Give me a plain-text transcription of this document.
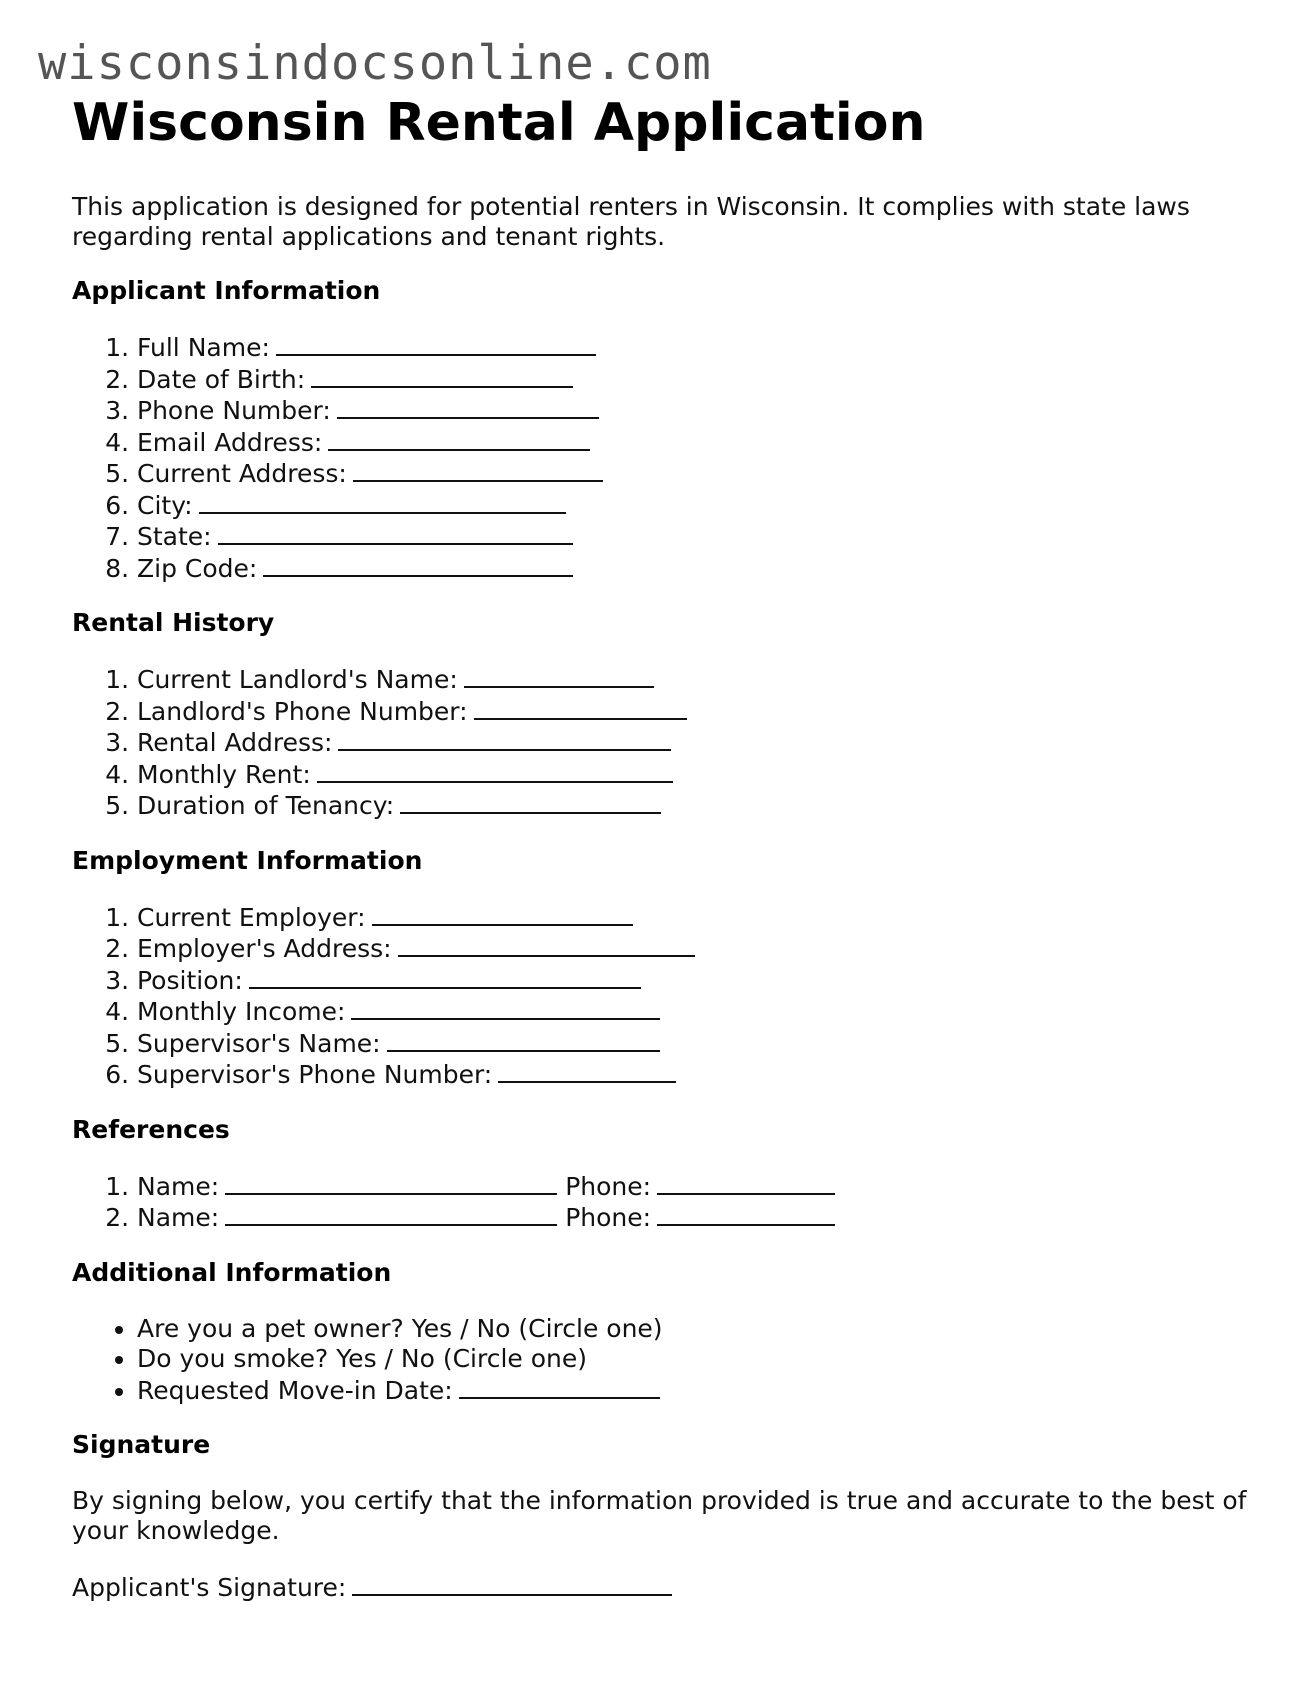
wisconsindocsonline.com
Wisconsin Rental Application

This application is designed for potential renters in Wisconsin. It complies with state laws regarding rental applications and tenant rights.

Applicant Information
1. Full Name:
2. Date of Birth:
3. Phone Number:
4. Email Address:
5. Current Address:
6. City:
7. State:
8. Zip Code:
Rental History
1. Current Landlord's Name:
2. Landlord's Phone Number:
3. Rental Address:
4. Monthly Rent:
5. Duration of Tenancy:
Employment Information
1. Current Employer:
2. Employer's Address:
3. Position:
4. Monthly Income:
5. Supervisor's Name:
6. Supervisor's Phone Number:
References
1. Name:	Phone:
2. Name:	Phone:
Additional Information
• Are you a pet owner? Yes / No (Circle one)
• Do you smoke? Yes / No (Circle one)
• Requested Move-in Date:
Signature

By signing below, you certify that the information provided is true and accurate to the best of your knowledge.

Applicant's Signature:
